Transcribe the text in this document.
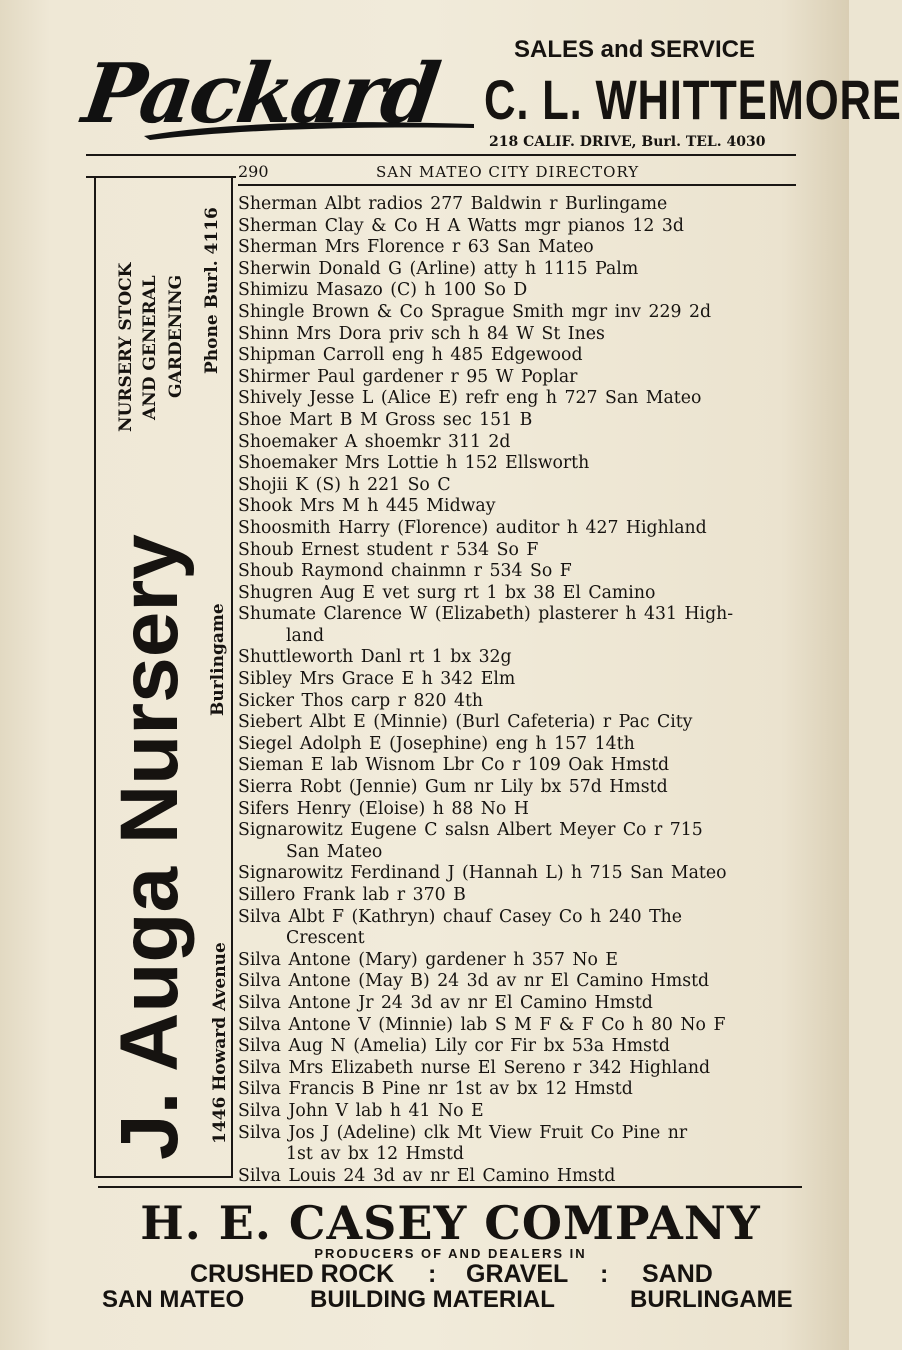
Packard	SALES and SERVICE
C. L. WHITTEMORE
218 CALIF. DRIVE, Burl. TEL. 4030
290	SAN MATEO CITY DIRECTORY
NURSERY STOCK AND GENERAL GARDENING Phone Burl. 4116
J. Auga Nursery Burlingame
1446 Howard Avenue
Sherman Albt radios 277 Baldwin r Burlingame
Sherman Clay & Co H A Watts mgr pianos 12 3d
Sherman Mrs Florence r 63 San Mateo
Sherwin Donald G (Arline) atty h 1115 Palm
Shimizu Masazo (C) h 100 So D
Shingle Brown & Co Sprague Smith mgr inv 229 2d
Shinn Mrs Dora priv sch h 84 W St Ines
Shipman Carroll eng h 485 Edgewood
Shirmer Paul gardener r 95 W Poplar
Shively Jesse L (Alice E) refr eng h 727 San Mateo
Shoe Mart B M Gross sec 151 B
Shoemaker A shoemkr 311 2d
Shoemaker Mrs Lottie h 152 Ellsworth
Shojii K (S) h 221 So C
Shook Mrs M h 445 Midway
Shoosmith Harry (Florence) auditor h 427 Highland
Shoub Ernest student r 534 So F
Shoub Raymond chainmn r 534 So F
Shugren Aug E vet surg rt 1 bx 38 El Camino
Shumate Clarence W (Elizabeth) plasterer h 431 High-
land
Shuttleworth Danl rt 1 bx 32g
Sibley Mrs Grace E h 342 Elm
Sicker Thos carp r 820 4th
Siebert Albt E (Minnie) (Burl Cafeteria) r Pac City
Siegel Adolph E (Josephine) eng h 157 14th
Sieman E lab Wisnom Lbr Co r 109 Oak Hmstd
Sierra Robt (Jennie) Gum nr Lily bx 57d Hmstd
Sifers Henry (Eloise) h 88 No H
Signarowitz Eugene C salsn Albert Meyer Co r 715
San Mateo
Signarowitz Ferdinand J (Hannah L) h 715 San Mateo
Sillero Frank lab r 370 B
Silva Albt F (Kathryn) chauf Casey Co h 240 The
Crescent
Silva Antone (Mary) gardener h 357 No E
Silva Antone (May B) 24 3d av nr El Camino Hmstd
Silva Antone Jr 24 3d av nr El Camino Hmstd
Silva Antone V (Minnie) lab S M F & F Co h 80 No F
Silva Aug N (Amelia) Lily cor Fir bx 53a Hmstd
Silva Mrs Elizabeth nurse El Sereno r 342 Highland
Silva Francis B Pine nr 1st av bx 12 Hmstd
Silva John V lab h 41 No E
Silva Jos J (Adeline) clk Mt View Fruit Co Pine nr
1st av bx 12 Hmstd
Silva Louis 24 3d av nr El Camino Hmstd
H. E. CASEY COMPANY
PRODUCERS OF AND DEALERS IN
CRUSHED ROCK : GRAVEL : SAND
SAN MATEO	BUILDING MATERIAL	BURLINGAME
